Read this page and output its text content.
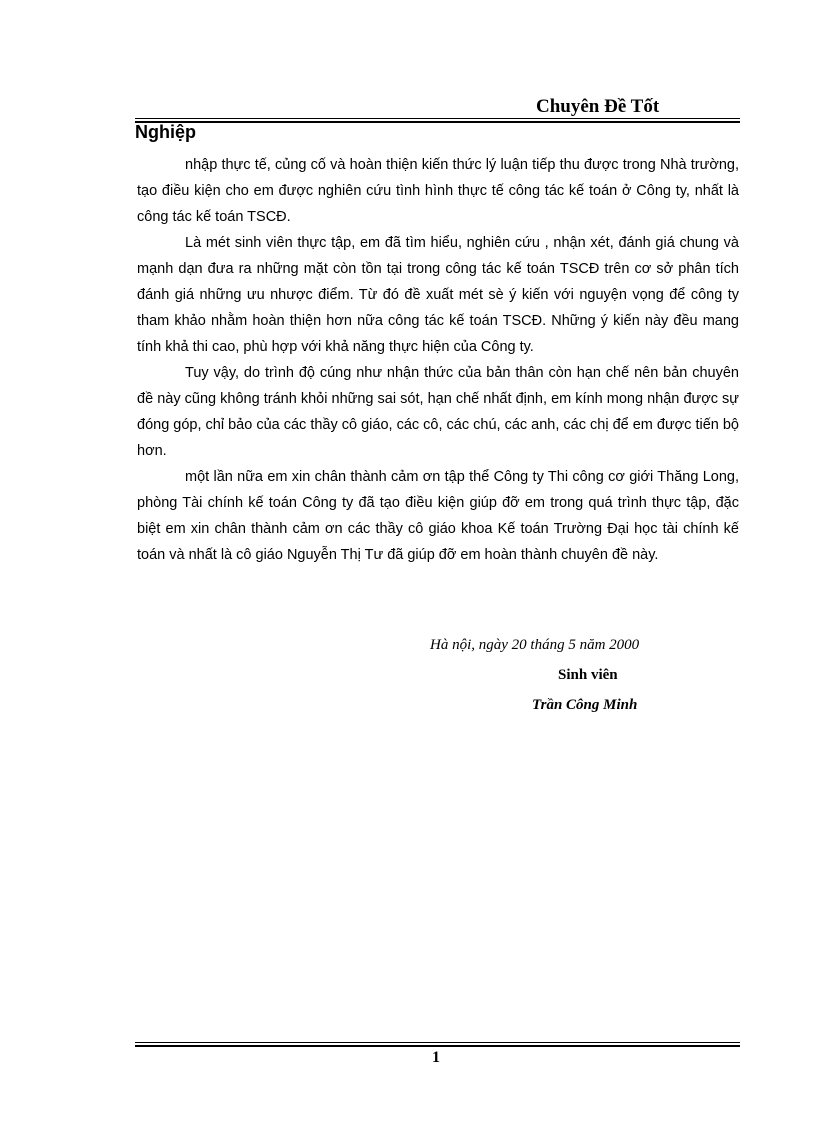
Chuyên Đề Tốt
Nghiệp

nhập thực tế, củng cố và hoàn thiện kiến thức lý luận tiếp thu được trong Nhà trường, tạo điều kiện cho em được nghiên cứu tình hình thực tế công tác kế toán ở Công ty, nhất là công tác kế toán TSCĐ.

Là mét sinh viên thực tập, em đã tìm hiểu, nghiên cứu , nhận xét, đánh giá chung và mạnh dạn đưa ra những mặt còn tồn tại trong công tác kế toán TSCĐ trên cơ sở phân tích đánh giá những ưu nhược điểm. Từ đó đề xuất mét sè ý kiến với nguyện vọng để công ty tham khảo nhằm hoàn thiện hơn nữa công tác kế toán TSCĐ. Những ý kiến này đều mang tính khả thi cao, phù hợp với khả năng thực hiện của Công ty.

Tuy vậy, do trình độ cúng như nhận thức của bản thân còn hạn chế nên bản chuyên đề này cũng không tránh khỏi những sai sót, hạn chế nhất định, em kính mong nhận được sự đóng góp, chỉ bảo của các thầy cô giáo, các cô, các chú, các anh, các chị để em được tiến bộ hơn.

một lần nữa em xin chân thành cảm ơn tập thể Công ty Thi công cơ giới Thăng Long, phòng Tài chính kế toán Công ty đã tạo điều kiện giúp đỡ em trong quá trình thực tập, đặc biệt em xin chân thành cảm ơn các thầy cô giáo khoa Kế toán Trường Đại học tài chính kế toán và nhất là cô giáo Nguyễn Thị Tư đã giúp đỡ em hoàn thành chuyên đề này.

Hà nội, ngày 20 tháng 5 năm 2000
Sinh viên
Trần Công Minh
1
